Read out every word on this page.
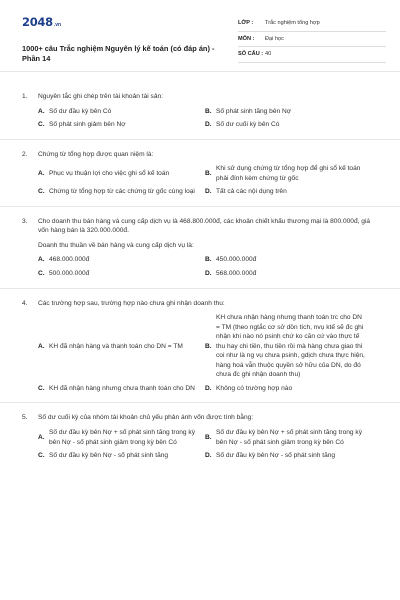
2048 .vn
1000+ câu Trắc nghiệm Nguyên lý kế toán (có đáp án) - Phần 14
LỚP :	Trắc nghiệm tổng hợp
MÔN :	Đại học
SỐ CÂU : 40
1.	Nguyên tắc ghi chép trên tài khoản tài sản:
A. Số dư đầu kỳ bên Có	B. Số phát sinh tăng bên Nợ
C. Số phát sinh giảm bên Nợ	D. Số dư cuối kỳ bên Có
2.	Chứng từ tổng hợp được quan niệm là:
A. Phục vụ thuận lợi cho việc ghi sổ kế toán	B.
Khi sử dụng chứng từ tổng hợp để ghi sổ kế toán phải đính kèm chứng từ gốc
C. Chứng từ tổng hợp từ các chứng từ gốc cùng loại	D. Tất cả các nội dụng trên
3.	Cho doanh thu bán hàng và cung cấp dịch vụ là 468.800.000đ, các khoản chiết khấu thương mại là 800.000đ, giá vốn hàng bán là 320.000.000đ.
Doanh thu thuần về bán hàng và cung cấp dịch vụ là:
A. 468.000.000đ	B. 450.000.000đ
C. 500.000.000đ	D. 568.000.000đ
4.	Các trường hợp sau, trường hợp nào chưa ghi nhận doanh thu:
A. KH đã nhận hàng và thanh toán cho DN = TM	B.
KH chưa nhận hàng nhưng thanh toán trc cho DN = TM (theo ngtắc cơ sở dồn tích, nvụ ktế sẽ đc ghi nhận khi nào nó psinh chứ ko căn cứ vào thực tế thu hay chi tiền, thu tiền rồi mà hàng chưa giao thì coi như là ng vụ chưa psinh, gdịch chưa thực hiện, hàng hoá vẫn thuộc quyền sở hữu của DN, do đó chưa đc ghi nhận doanh thu)
C. KH đã nhận hàng nhưng chưa thanh toán cho DN	D. Không có trường hợp nào
5.	Số dư cuối kỳ của nhóm tài khoản chủ yếu phản ánh vốn được tính bằng:
A.
Số dư đầu kỳ bên Nợ + số phát sinh tăng trong kỳ bên Nợ - số phát sinh giảm trong kỳ bên Có
B.
Số dư đầu kỳ bên Nợ + số phát sinh tăng trong kỳ bên Nợ - số phát sinh giảm trong kỳ bên Có
C. Số dư đầu kỳ bên Nợ - số phát sinh tăng	D. Số dư đầu kỳ bên Nợ - số phát sinh tăng
